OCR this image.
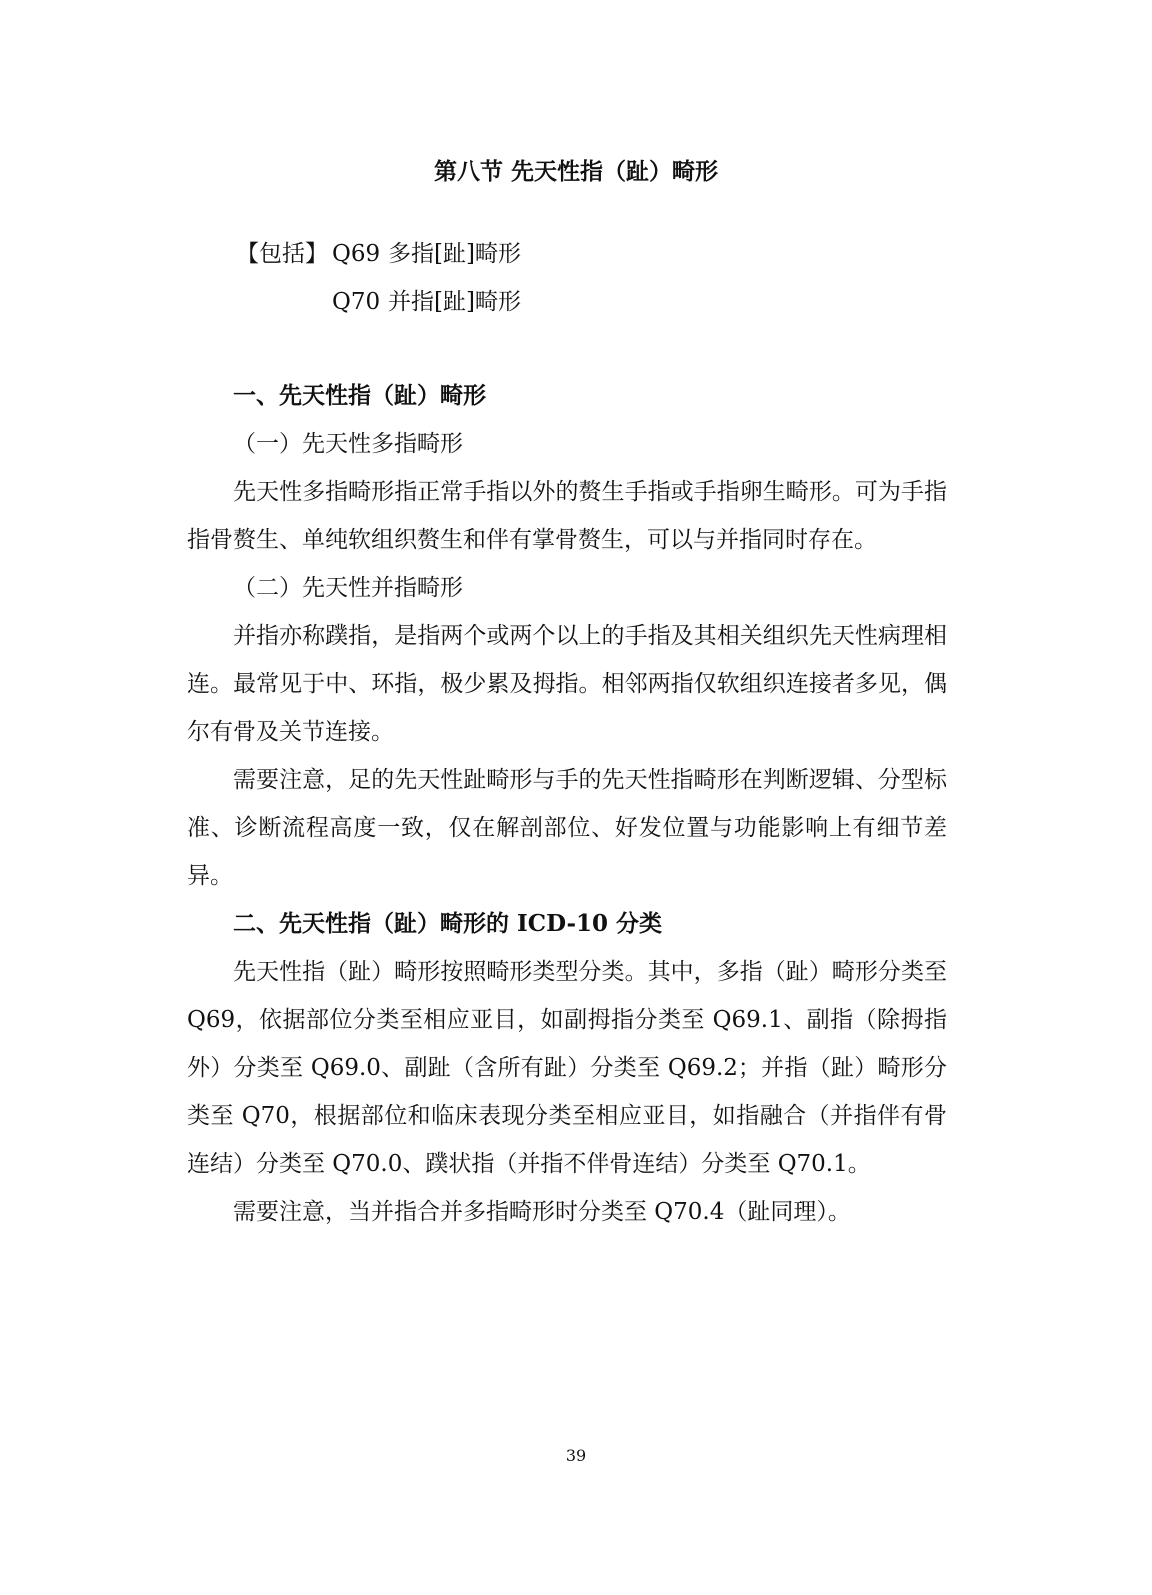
第八节 先天性指（趾）畸形
【包括】 Q69 多指[趾]畸形
Q70 并指[趾]畸形

一、先天性指（趾）畸形

（一）先天性多指畸形

先天性多指畸形指正常手指以外的赘生手指或手指卵生畸形。可为手指指骨赘生、单纯软组织赘生和伴有掌骨赘生，可以与并指同时存在。

（二）先天性并指畸形

并指亦称蹼指，是指两个或两个以上的手指及其相关组织先天性病理相连。最常见于中、环指，极少累及拇指。相邻两指仅软组织连接者多见，偶尔有骨及关节连接。

需要注意，足的先天性趾畸形与手的先天性指畸形在判断逻辑、分型标准、诊断流程高度一致，仅在解剖部位、好发位置与功能影响上有细节差异。

二、先天性指（趾）畸形的 ICD-10 分类

先天性指（趾）畸形按照畸形类型分类。其中，多指（趾）畸形分类至 Q69，依据部位分类至相应亚目，如副拇指分类至 Q69.1、副指（除拇指外）分类至 Q69.0、副趾（含所有趾）分类至 Q69.2；并指（趾）畸形分类至 Q70，根据部位和临床表现分类至相应亚目，如指融合（并指伴有骨连结）分类至 Q70.0、蹼状指（并指不伴骨连结）分类至 Q70.1。

需要注意，当并指合并多指畸形时分类至 Q70.4（趾同理）。

39
